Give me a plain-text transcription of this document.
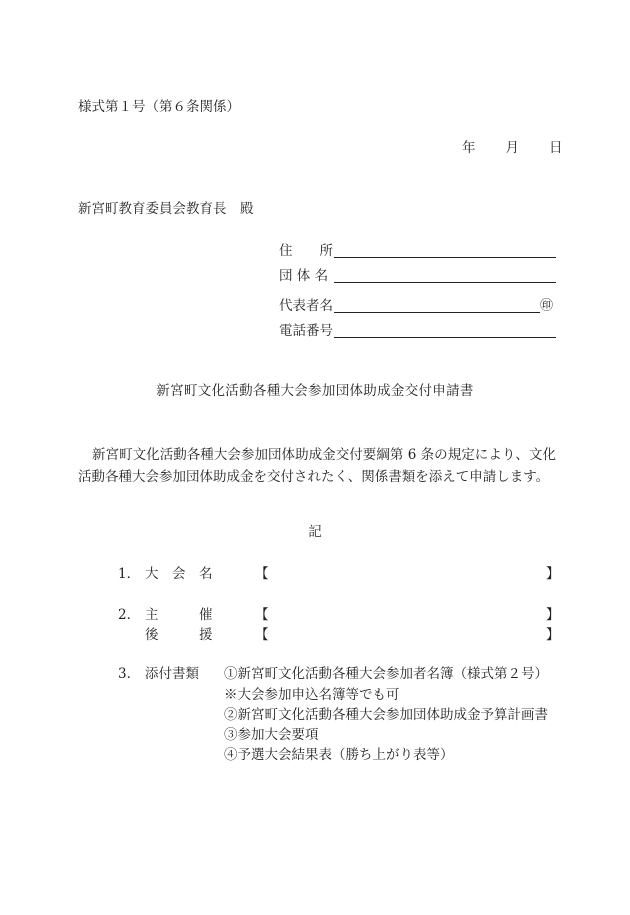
様式第１号（第６条関係）
年 月 日
新宮町教育委員会教育長　殿
住　　所
団 体 名
代表者名	㊞
電話番号
新宮町文化活動各種大会参加団体助成金交付申請書
新宮町文化活動各種大会参加団体助成金交付要綱第 6 条の規定により、文化活動各種大会参加団体助成金を交付されたく、関係書類を添えて申請します。
記
1． 大　会　名	【	】
2． 主　　　催	【	】
後　　　援	【	】
3． 添付書類 ①新宮町文化活動各種大会参加者名簿（様式第２号）
※大会参加申込名簿等でも可
②新宮町文化活動各種大会参加団体助成金予算計画書
③参加大会要項
④予選大会結果表（勝ち上がり表等）
